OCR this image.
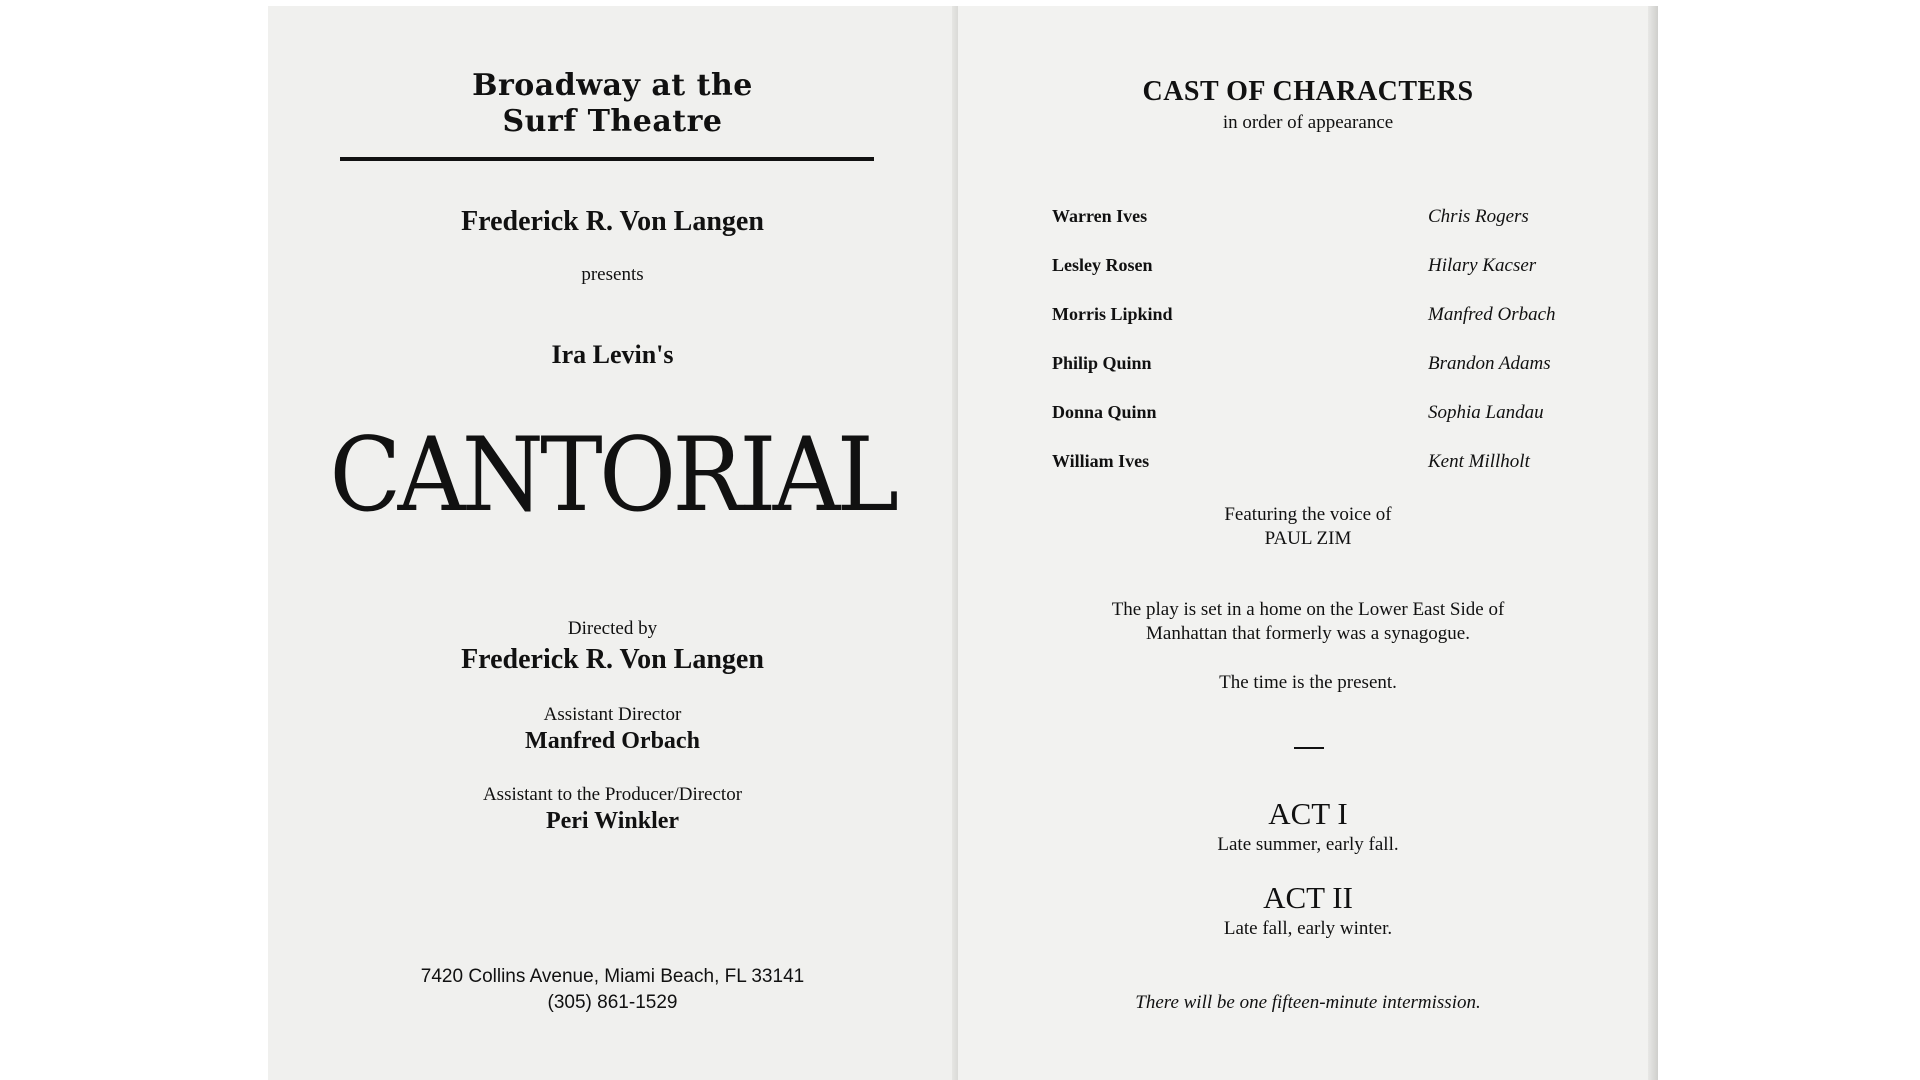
Broadway at the
Surf Theatre
Frederick R. Von Langen
presents
Ira Levin's
CANTORIAL
Directed by
Frederick R. Von Langen
Assistant Director
Manfred Orbach
Assistant to the Producer/Director
Peri Winkler
7420 Collins Avenue, Miami Beach, FL 33141
(305) 861-1529
CAST OF CHARACTERS
in order of appearance
Warren Ives	Chris Rogers
Lesley Rosen	Hilary Kacser
Morris Lipkind	Manfred Orbach
Philip Quinn	Brandon Adams
Donna Quinn	Sophia Landau
William Ives	Kent Millholt
Featuring the voice of
PAUL ZIM
The play is set in a home on the Lower East Side of
Manhattan that formerly was a synagogue.
The time is the present.
ACT I
Late summer, early fall.
ACT II
Late fall, early winter.
There will be one fifteen-minute intermission.
